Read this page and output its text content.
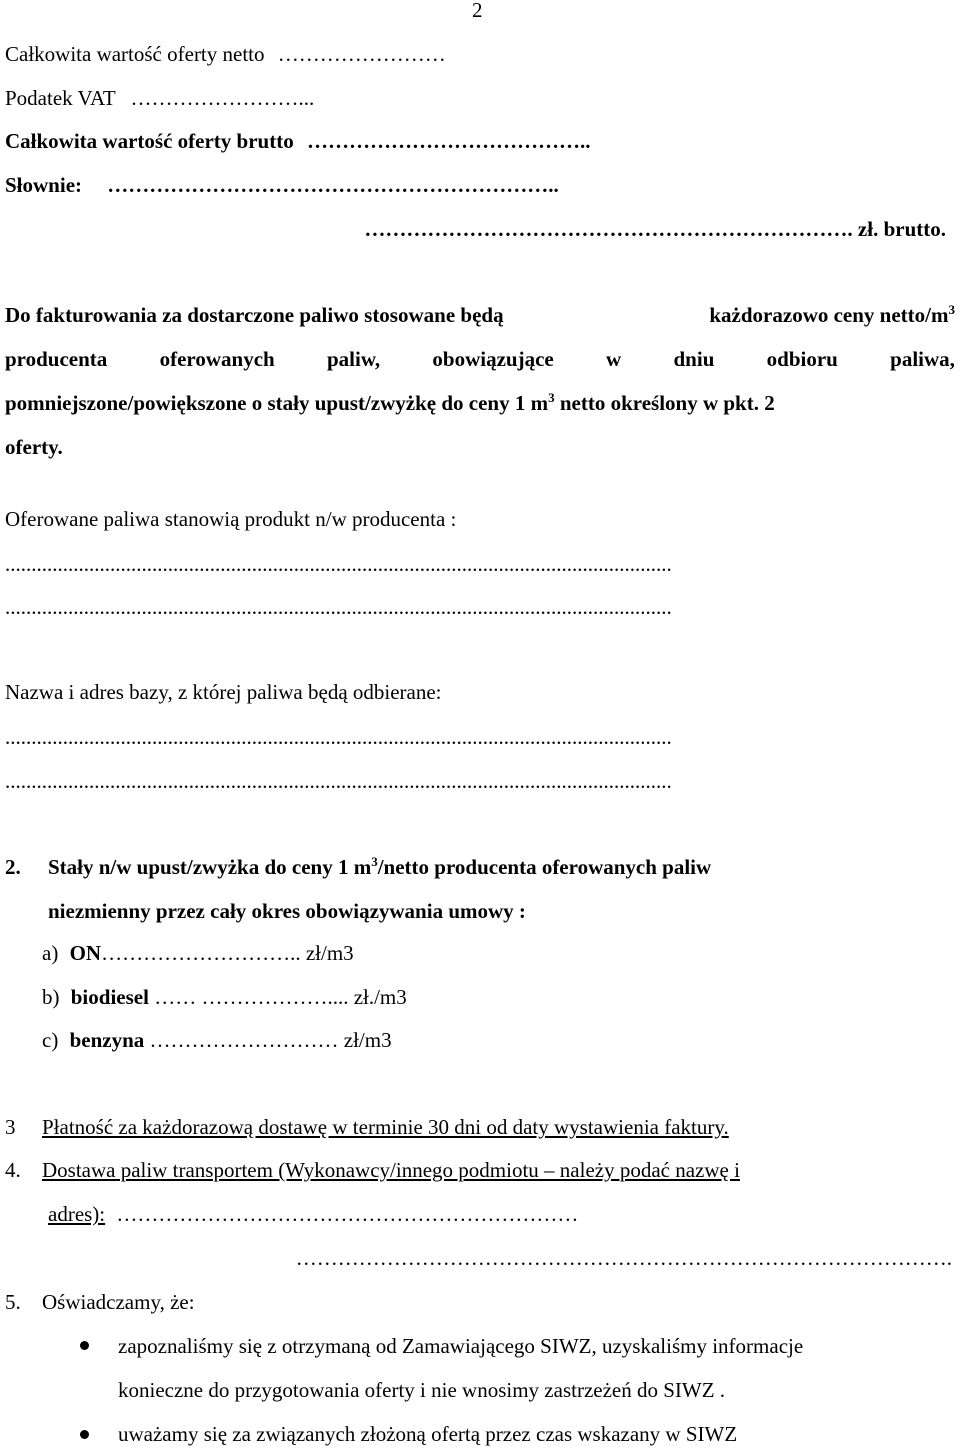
2
Całkowita wartość oferty netto ……………………
Podatek VAT ……………………...
Całkowita wartość oferty brutto …………………………………..
Słownie: ………………………………………………………..
……………………………………………………………. zł. brutto.
Do fakturowania za dostarczone paliwo stosowane będą	każdorazowo ceny netto/$m^3$
producenta oferowanych paliw, obowiązujące w dniu odbioru paliwa,
pomniejszone/powiększone o stały upust/zwyżkę do ceny 1 $m^3$ netto określony w pkt. 2
oferty.
Oferowane paliwa stanowią produkt n/w producenta :
...............................................................................................................................
...............................................................................................................................
Nazwa i adres bazy, z której paliwa będą odbierane:
...............................................................................................................................
...............................................................................................................................
2. Stały n/w upust/zwyżka do ceny 1 $m^3$/netto producenta oferowanych paliw
niezmienny przez cały okres obowiązywania umowy :
a) ON……………………….. zł/m3
b) biodiesel …… ……………….... zł./m3
c) benzyna ……………………… zł/m3
3 Płatność za każdorazową dostawę w terminie 30 dni od daty wystawienia faktury.
4. Dostawa paliw transportem (Wykonawcy/innego podmiotu – należy podać nazwę i
adres): …………………………………………………………
………………………………………………………………………………….
5. Oświadczamy, że:
zapoznaliśmy się z otrzymaną od Zamawiającego SIWZ, uzyskaliśmy informacje
konieczne do przygotowania oferty i nie wnosimy zastrzeżeń do SIWZ .
uważamy się za związanych złożoną ofertą przez czas wskazany w SIWZ
